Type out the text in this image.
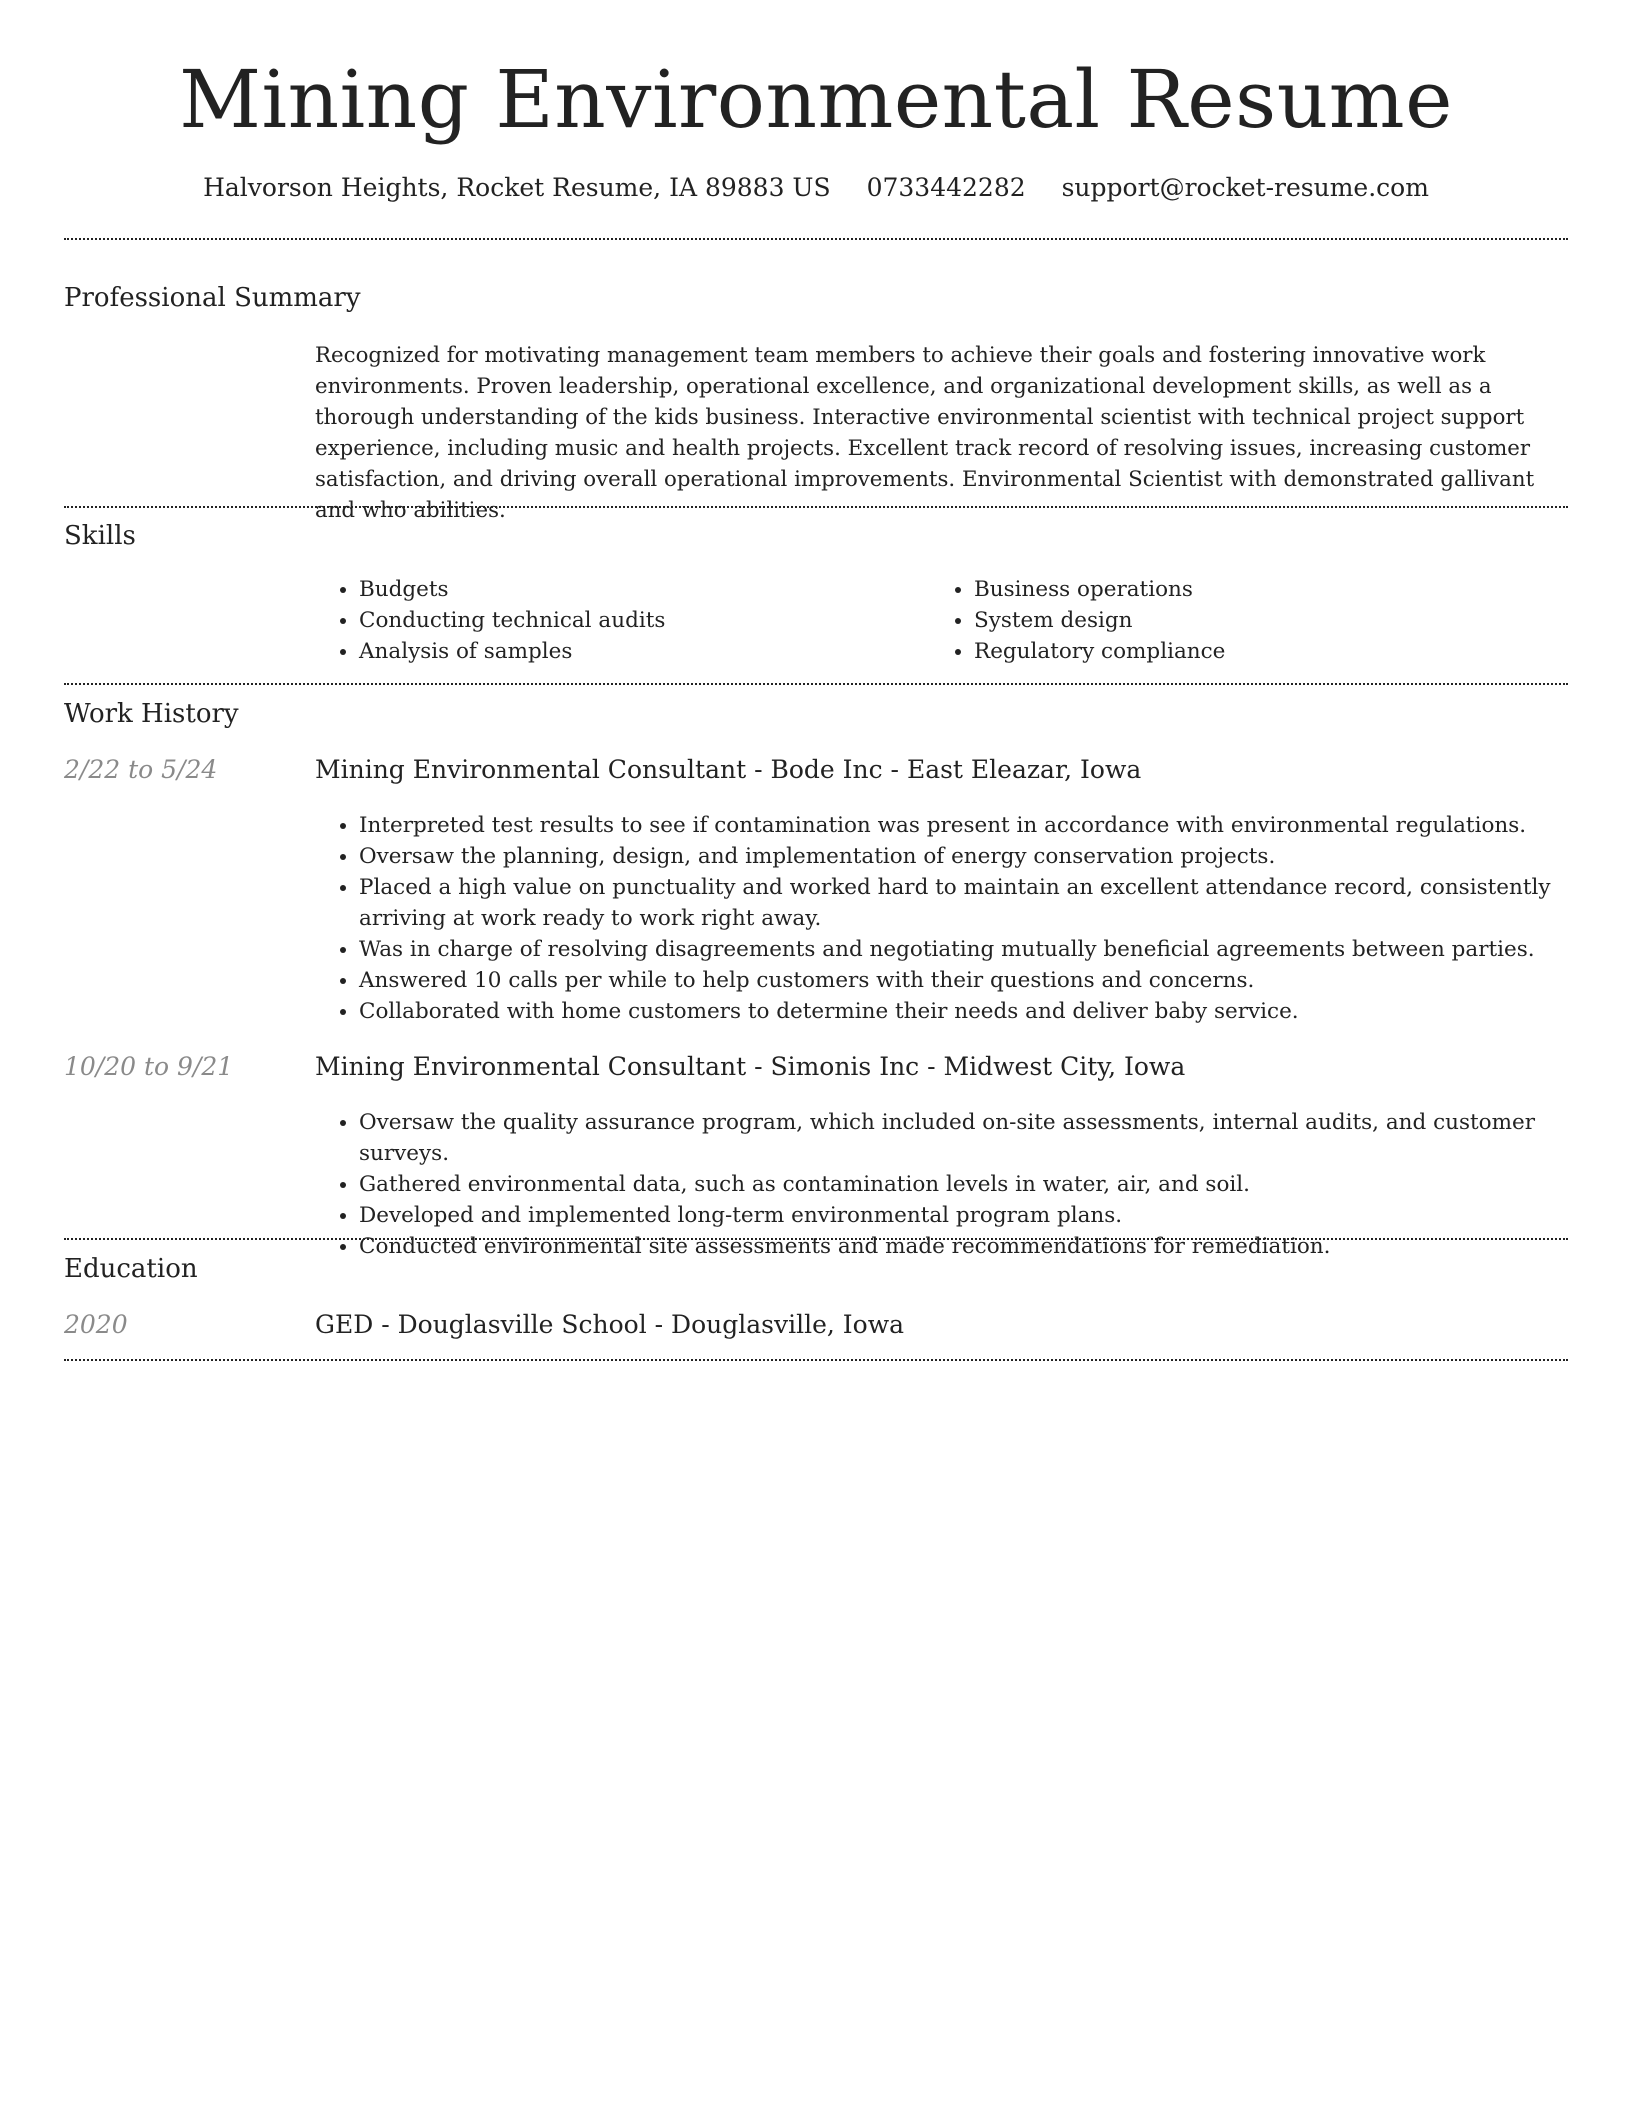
Mining Environmental Resume
Halvorson Heights, Rocket Resume, IA 89883 US 0733442282 support@rocket-resume.com
Professional Summary

Recognized for motivating management team members to achieve their goals and fostering innovative work environments. Proven leadership, operational excellence, and organizational development skills, as well as a thorough understanding of the kids business. Interactive environmental scientist with technical project support experience, including music and health projects. Excellent track record of resolving issues, increasing customer satisfaction, and driving overall operational improvements. Environmental Scientist with demonstrated gallivant and who abilities.

Skills
• Budgets
• Conducting technical audits
• Analysis of samples
• Business operations
• System design
• Regulatory compliance
Work History
2/22 to 5/24	Mining Environmental Consultant - Bode Inc - East Eleazar, Iowa
• Interpreted test results to see if contamination was present in accordance with environmental regulations.
• Oversaw the planning, design, and implementation of energy conservation projects.
• Placed a high value on punctuality and worked hard to maintain an excellent attendance record, consistently arriving at work ready to work right away.
• Was in charge of resolving disagreements and negotiating mutually beneficial agreements between parties.
• Answered 10 calls per while to help customers with their questions and concerns.
• Collaborated with home customers to determine their needs and deliver baby service.
10/20 to 9/21	Mining Environmental Consultant - Simonis Inc - Midwest City, Iowa
• Oversaw the quality assurance program, which included on-site assessments, internal audits, and customer surveys.
• Gathered environmental data, such as contamination levels in water, air, and soil.
• Developed and implemented long-term environmental program plans.
• Conducted environmental site assessments and made recommendations for remediation.
Education
2020	GED - Douglasville School - Douglasville, Iowa
